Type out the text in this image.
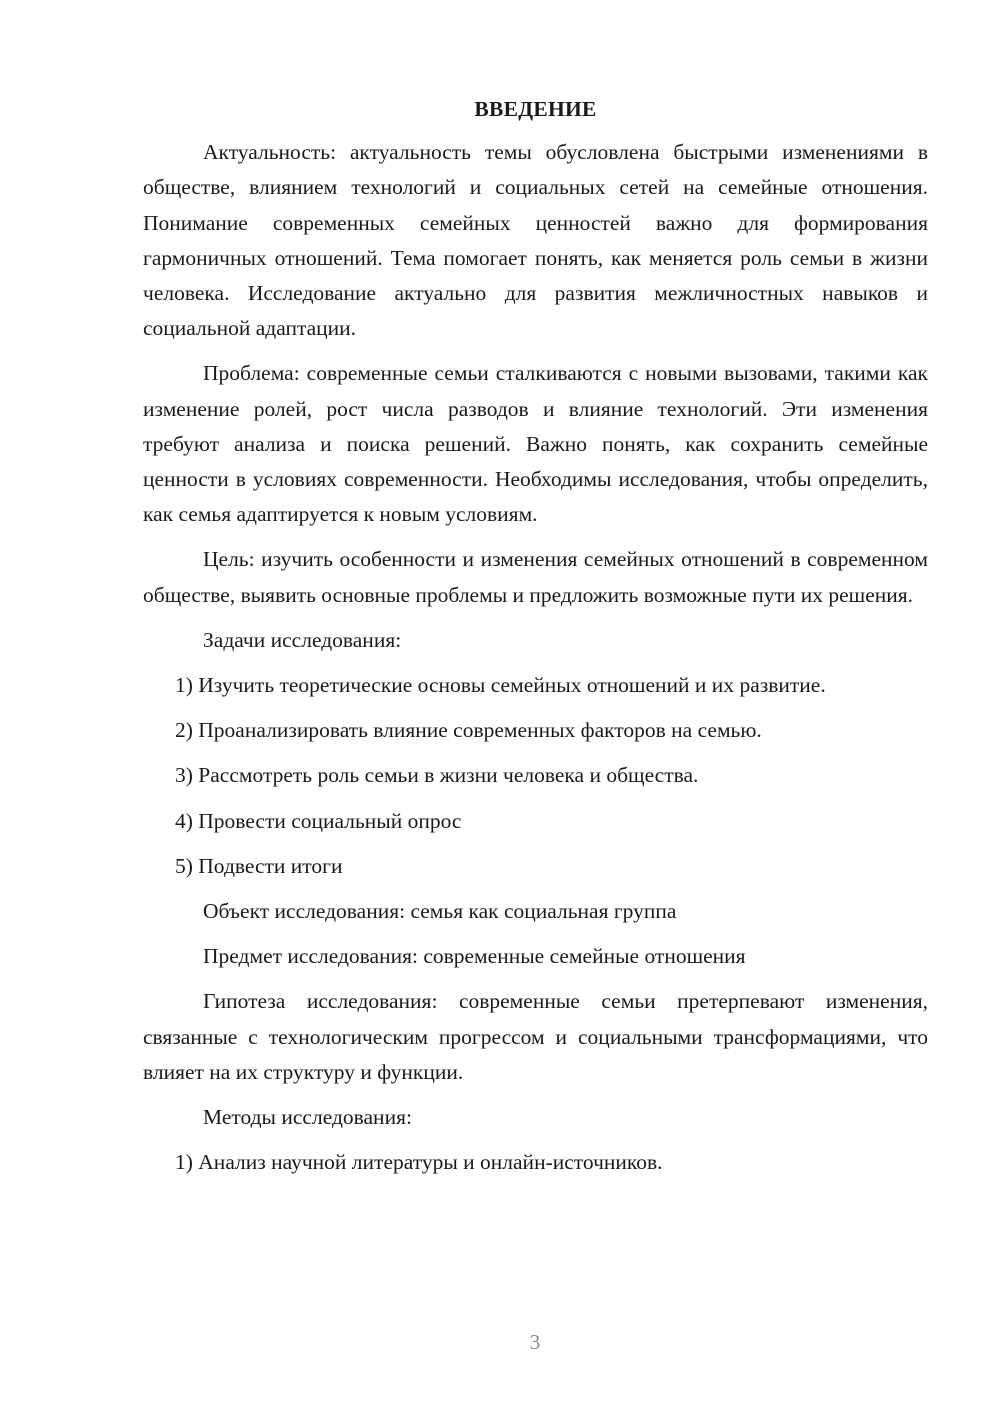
ВВЕДЕНИЕ

Актуальность: актуальность темы обусловлена быстрыми изменениями в обществе, влиянием технологий и социальных сетей на семейные отношения. Понимание современных семейных ценностей важно для формирования гармоничных отношений. Тема помогает понять, как меняется роль семьи в жизни человека. Исследование актуально для развития межличностных навыков и социальной адаптации.

Проблема: современные семьи сталкиваются с новыми вызовами, такими как изменение ролей, рост числа разводов и влияние технологий. Эти изменения требуют анализа и поиска решений. Важно понять, как сохранить семейные ценности в условиях современности. Необходимы исследования, чтобы определить, как семья адаптируется к новым условиям.

Цель: изучить особенности и изменения семейных отношений в современном обществе, выявить основные проблемы и предложить возможные пути их решения.

Задачи исследования:

1) Изучить теоретические основы семейных отношений и их развитие.

2) Проанализировать влияние современных факторов на семью.

3) Рассмотреть роль семьи в жизни человека и общества.

4) Провести социальный опрос

5) Подвести итоги

Объект исследования: семья как социальная группа

Предмет исследования: современные семейные отношения

Гипотеза исследования: современные семьи претерпевают изменения, связанные с технологическим прогрессом и социальными трансформациями, что влияет на их структуру и функции.

Методы исследования:

1) Анализ научной литературы и онлайн-источников.

3
